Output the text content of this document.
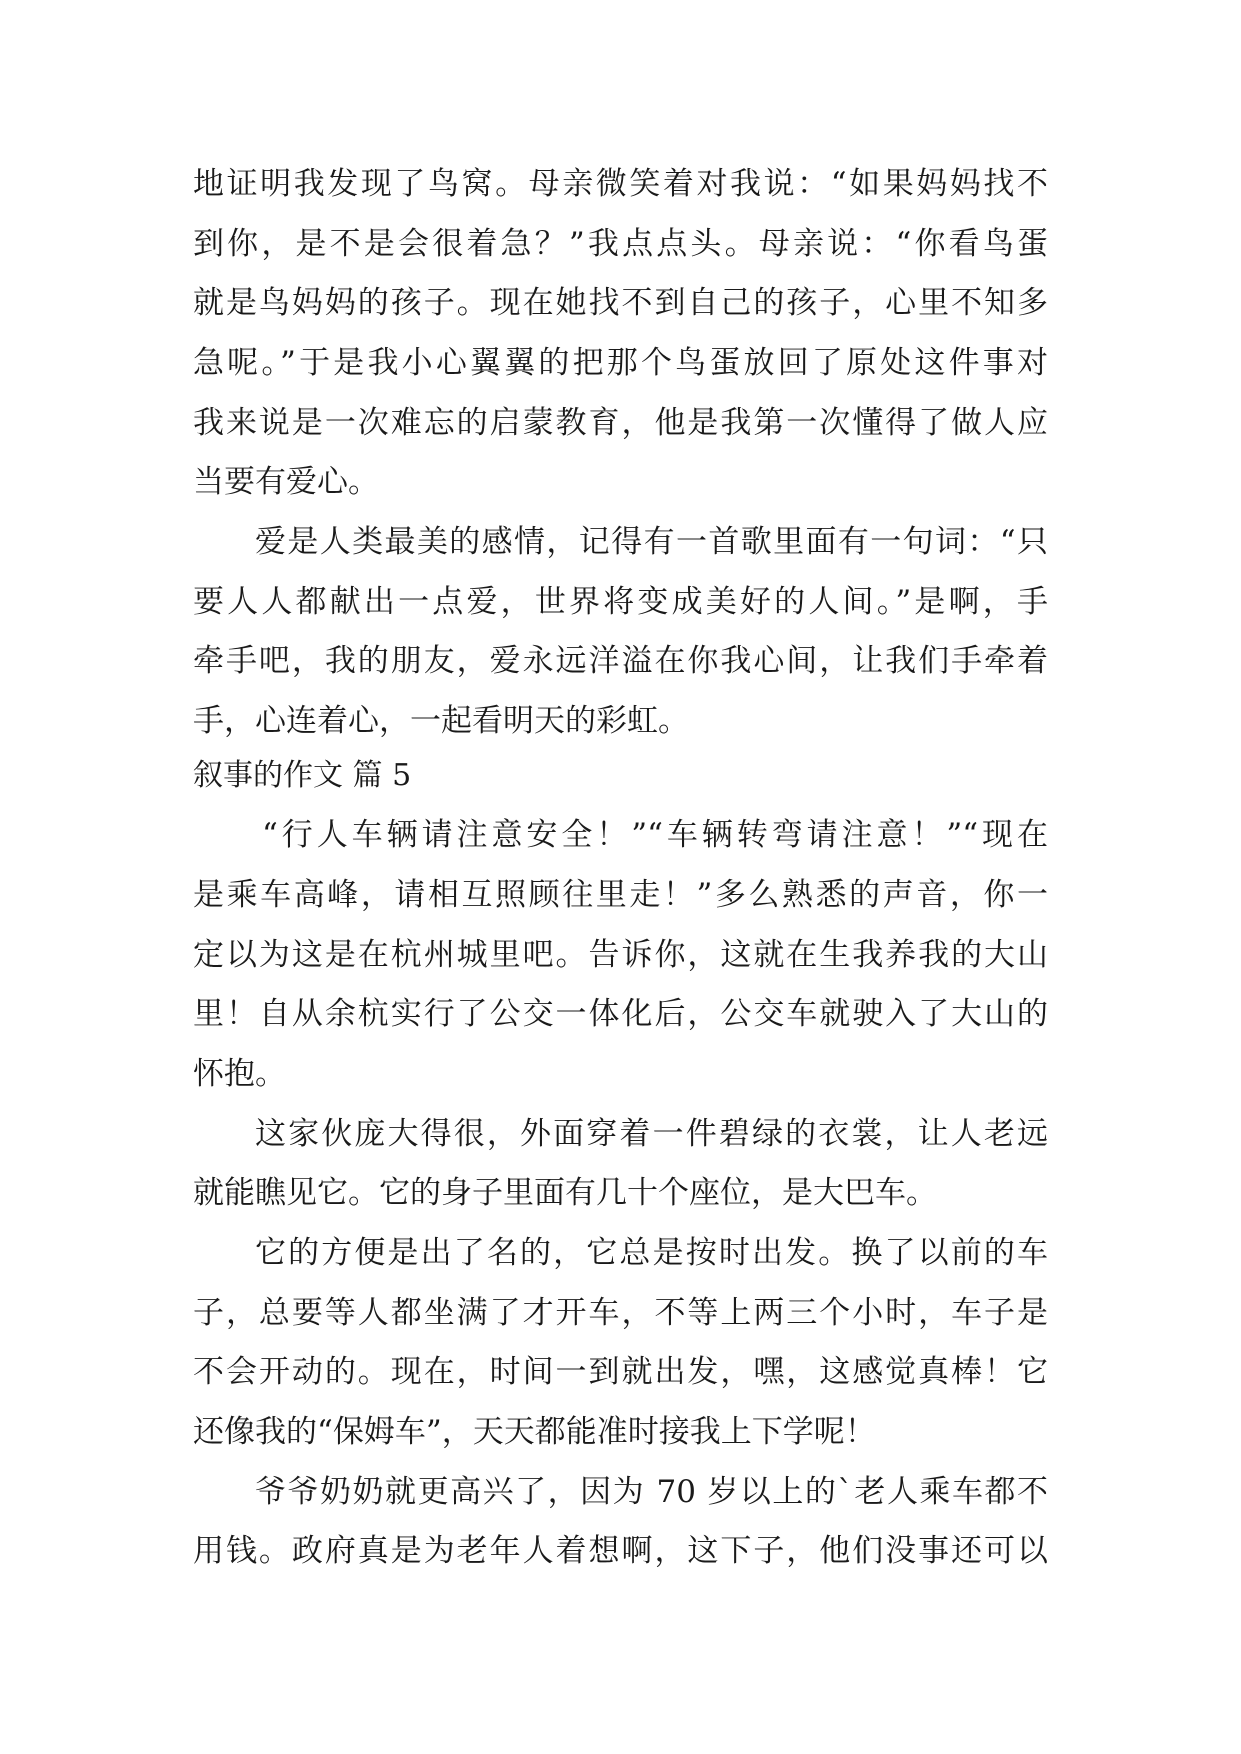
地证明我发现了鸟窝。母亲微笑着对我说：“如果妈妈找不
到你，是不是会很着急？”我点点头。母亲说：“你看鸟蛋
就是鸟妈妈的孩子。现在她找不到自己的孩子，心里不知多
急呢。”于是我小心翼翼的把那个鸟蛋放回了原处这件事对
我来说是一次难忘的启蒙教育，他是我第一次懂得了做人应
当要有爱心。
爱是人类最美的感情，记得有一首歌里面有一句词：“只
要人人都献出一点爱，世界将变成美好的人间。”是啊，手
牵手吧，我的朋友，爱永远洋溢在你我心间，让我们手牵着
手，心连着心，一起看明天的彩虹。
叙事的作文 篇 5
“行人车辆请注意安全！”“车辆转弯请注意！”“现在
是乘车高峰，请相互照顾往里走！”多么熟悉的声音，你一
定以为这是在杭州城里吧。告诉你，这就在生我养我的大山
里！自从余杭实行了公交一体化后，公交车就驶入了大山的
怀抱。
这家伙庞大得很，外面穿着一件碧绿的衣裳，让人老远
就能瞧见它。它的身子里面有几十个座位，是大巴车。
它的方便是出了名的，它总是按时出发。换了以前的车
子，总要等人都坐满了才开车，不等上两三个小时，车子是
不会开动的。现在，时间一到就出发，嘿，这感觉真棒！它
还像我的“保姆车”，天天都能准时接我上下学呢！
爷爷奶奶就更高兴了，因为 70 岁以上的`老人乘车都不
用钱。政府真是为老年人着想啊，这下子，他们没事还可以
